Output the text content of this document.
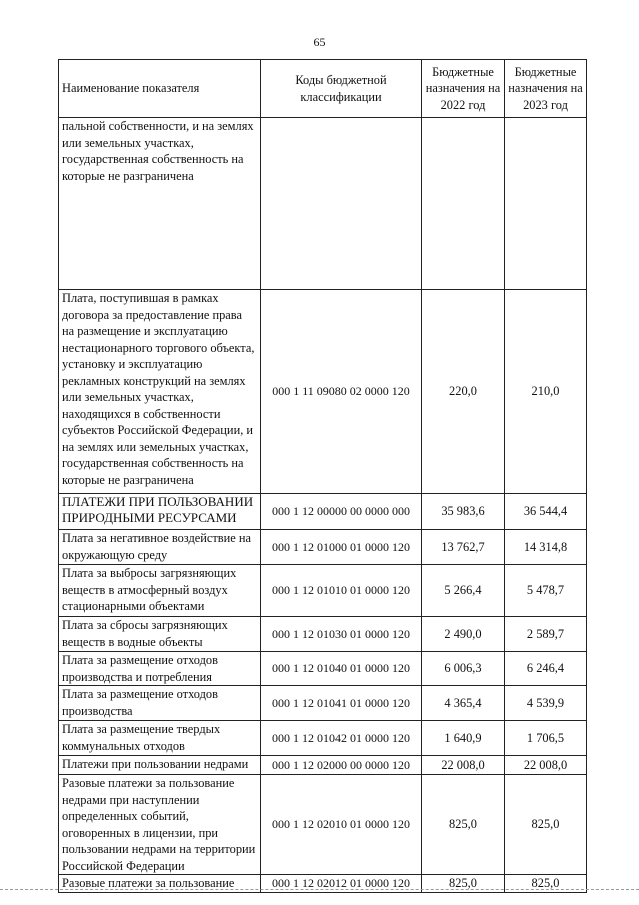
65
Наименование показателя	Коды бюджетной классификации	Бюджетные назначения на 2022 год	Бюджетные назначения на 2023 год
пальной собственности, и на землях или земельных участках, государственная собственность на которые не разграничена			
Плата, поступившая в рамках договора за предоставление права на размещение и эксплуатацию нестационарного торгового объекта, установку и эксплуатацию рекламных конструкций на землях или земельных участках, находящихся в собственности субъектов Российской Федерации, и на землях или земельных участках, государственная собственность на которые не разграничена	000 1 11 09080 02 0000 120	220,0	210,0
ПЛАТЕЖИ ПРИ ПОЛЬЗОВАНИИ ПРИРОДНЫМИ РЕСУРСАМИ	000 1 12 00000 00 0000 000	35 983,6	36 544,4
Плата за негативное воздействие на окружающую среду	000 1 12 01000 01 0000 120	13 762,7	14 314,8
Плата за выбросы загрязняющих веществ в атмосферный воздух стационарными объектами	000 1 12 01010 01 0000 120	5 266,4	5 478,7
Плата за сбросы загрязняющих веществ в водные объекты	000 1 12 01030 01 0000 120	2 490,0	2 589,7
Плата за размещение отходов производства и потребления	000 1 12 01040 01 0000 120	6 006,3	6 246,4
Плата за размещение отходов производства	000 1 12 01041 01 0000 120	4 365,4	4 539,9
Плата за размещение твердых коммунальных отходов	000 1 12 01042 01 0000 120	1 640,9	1 706,5
Платежи при пользовании недрами	000 1 12 02000 00 0000 120	22 008,0	22 008,0
Разовые платежи за пользование недрами при наступлении определенных событий, оговоренных в лицензии, при пользовании недрами на территории Российской Федерации	000 1 12 02010 01 0000 120	825,0	825,0
Разовые платежи за пользование	000 1 12 02012 01 0000 120	825,0	825,0
